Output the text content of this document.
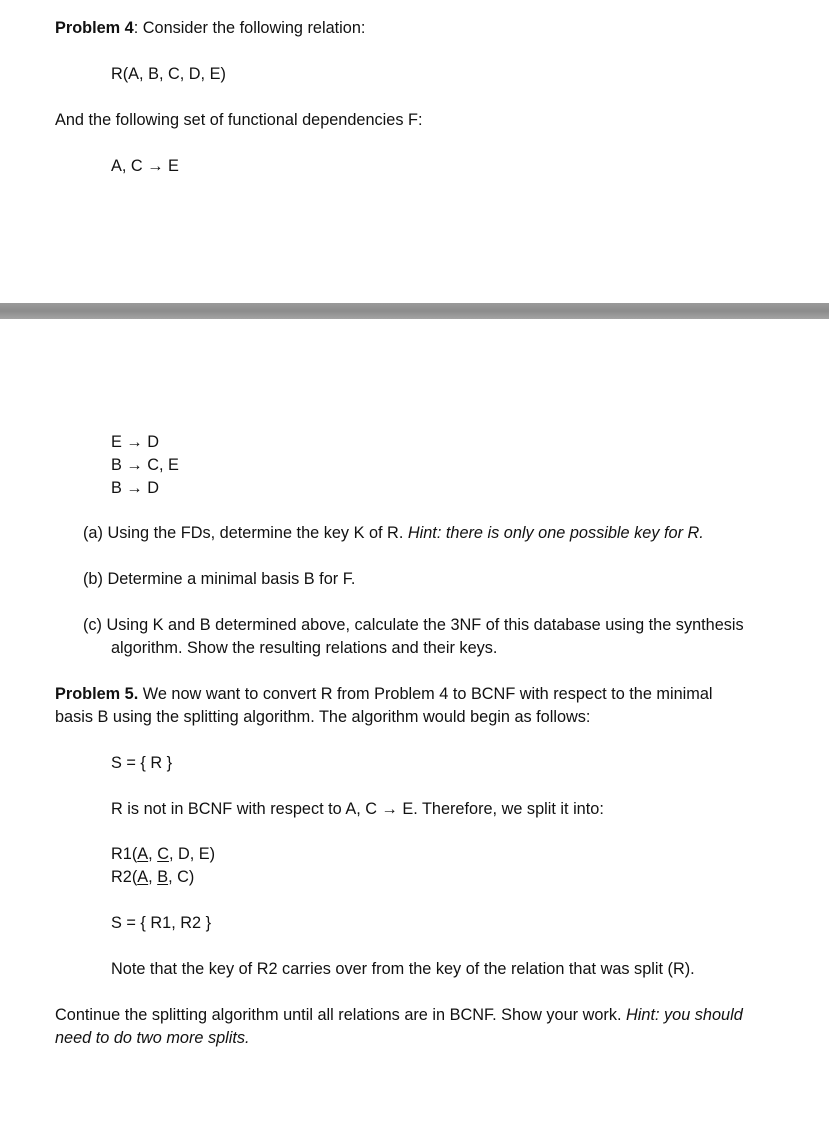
Problem 4: Consider the following relation:
R(A, B, C, D, E)
And the following set of functional dependencies F:
A, C → E
E → D
B → C, E
B → D
(a) Using the FDs, determine the key K of R. Hint: there is only one possible key for R.
(b) Determine a minimal basis B for F.
(c) Using K and B determined above, calculate the 3NF of this database using the synthesis
algorithm. Show the resulting relations and their keys.
Problem 5. We now want to convert R from Problem 4 to BCNF with respect to the minimal
basis B using the splitting algorithm. The algorithm would begin as follows:
S = { R }
R is not in BCNF with respect to A, C → E. Therefore, we split it into:
R1(A, C, D, E)
R2(A, B, C)
S = { R1, R2 }
Note that the key of R2 carries over from the key of the relation that was split (R).
Continue the splitting algorithm until all relations are in BCNF. Show your work. Hint: you should
need to do two more splits.
